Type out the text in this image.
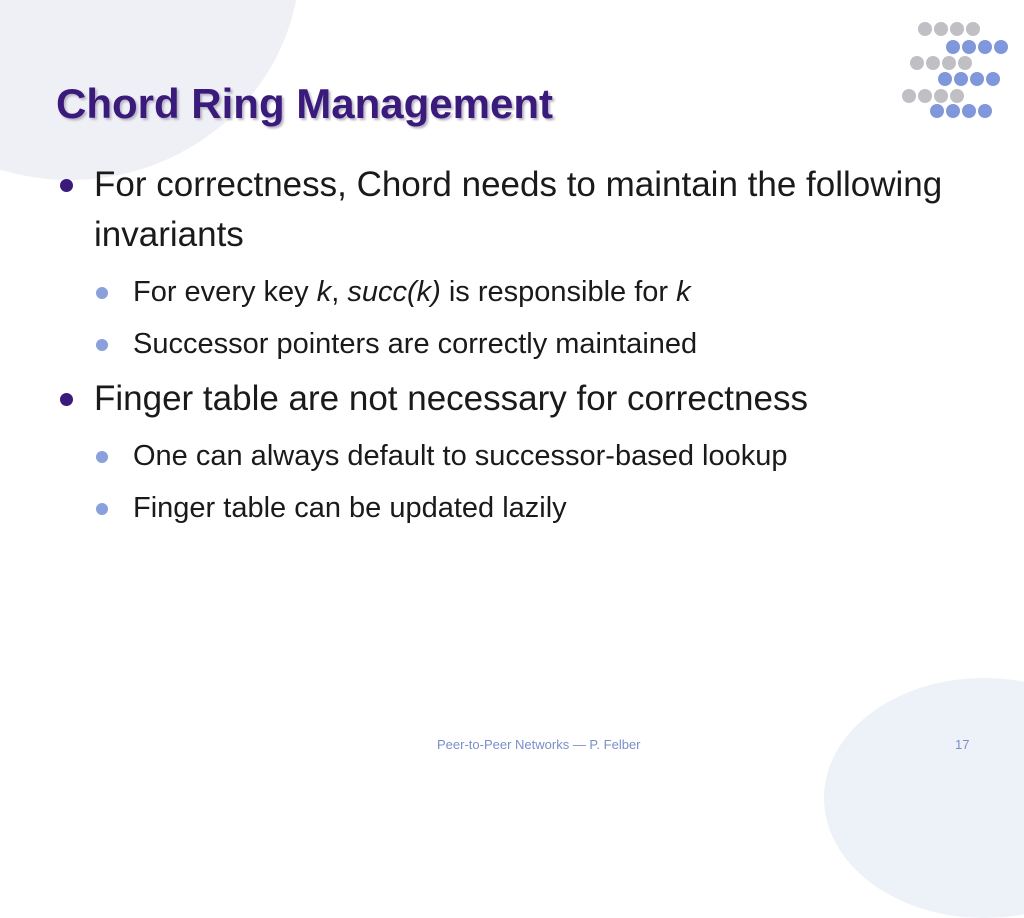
Chord Ring Management
For correctness, Chord needs to maintain the following invariants
For every key k, succ(k) is responsible for k
Successor pointers are correctly maintained
Finger table are not necessary for correctness
One can always default to successor-based lookup
Finger table can be updated lazily
Peer-to-Peer Networks — P. Felber	17
